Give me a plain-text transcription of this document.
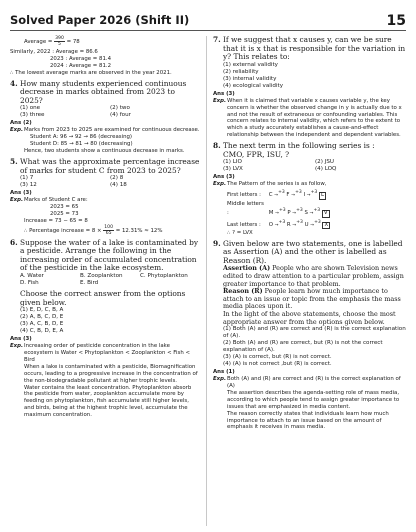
Solved Paper 2026 (Shift II)	15

Average = $\frac{390}{5} = 78$

Similarly, 2022 : Average = 86.6

2023 : Average = 81.4

2024 : Average = 81.2

∴ The lowest average marks are observed in the year 2021.

4. How many students experienced continuous decrease in marks obtained from 2023 to 2025?
(1) one	(2) two
(3) three	(4) four

Ans (2)

Exp. Marks from 2023 to 2025 are examined for continuous decrease.

Student A: 96 → 92 → 86 (decreasing)

Student D: 85 → 81 → 80 (decreasing)

Hence, two students show a continuous decrease in marks.

5. What was the approximate percentage increase of marks for student C from 2023 to 2025?
(1) 7	(2) 8
(3) 12	(4) 18

Ans (3)

Exp. Marks of Student C are:

2023 = 65

2025 = 73

Increase = 73 − 65 = 8

∴ Percentage increase = $8 \times \frac{100}{65} = 12.31\% \approx 12\%$

6. Suppose the water of a lake is contaminated by a pesticide. Arrange the following in the increasing order of accumulated concentration of the pesticide in the lake ecosystem.
A. Water	B. Zooplankton	C. Phytoplankton
D. Fish	E. Bird

Choose the correct answer from the options given below.

(1) E, D, C, B, A

(2) A, B, C, D, E

(3) A, C, B, D, E

(4) C, B, D, E, A

Ans (3)

Exp. Increasing order of pesticide concentration in the lake ecosystem is Water < Phytoplankton < Zooplankton < Fish < Bird

When a lake is contaminated with a pesticide, Biomagnification occurs, leading to a progressive increase in the concentration of the non-biodegradable pollutant at higher trophic levels.

Water contains the least concentration. Phytoplankton absorb the pesticide from water, zooplankton accumulate more by feeding on phytoplankton, fish accumulate still higher levels, and birds, being at the highest trophic level, accumulate the maximum concentration.

7. If we suggest that x causes y, can we be sure that it is x that is responsible for the variation in y? This relates to:

(1) external validity

(2) reliability

(3) internal validity

(4) ecological validity

Ans (3)

Exp. When it is claimed that variable x causes variable y, the key concern is whether the observed change in y is actually due to x and not the result of extraneous or confounding variables. This concern relates to internal validity, which refers to the extent to which a study accurately establishes a cause-and-effect relationship between the independent and dependent variables.

8. The next term in the following series is :

CMO, FPR, ISU, ?

(1) LIO	(2) JSU
(3) LVX	(4) LOQ

Ans (3)

Exp. The Pattern of the series is as follow,

First letters : C →$^{+3}$ F →$^{+3}$ I →$^{+3}$ L

Middle letters :	M →$^{+3}$ P →$^{+3}$ S →$^{+3}$ V

Last letters : O →$^{+3}$ R →$^{+3}$ U →$^{+3}$ X

∴ ? = LVX

9. Given below are two statements, one is labelled as Assertion (A) and the other is labelled as Reason (R).

Assertion (A) People who are shown Television news edited to draw attention to a particular problem, assign greater importance to that problem.

Reason (R) People learn how much importance to attach to an issue or topic from the emphasis the mass media places upon it.

In the light of the above statements, choose the most appropriate answer from the options given below.

(1) Both (A) and (R) are correct and (R) is the correct explanation of (A).

(2) Both (A) and (R) are correct, but (R) is not the correct explanation of (A).

(3) (A) is correct, but (R) is not correct.

(4) (A) is not correct ,but (R) is correct.

Ans (1)

Exp. Both (A) and (R) are correct and (R) is the correct explanation of (A)

The assertion describes the agenda-setting role of mass media, according to which people tend to assign greater importance to issues that are emphasized in media content.

The reason correctly states that individuals learn how much importance to attach to an issue based on the amount of emphasis it receives in mass media.
